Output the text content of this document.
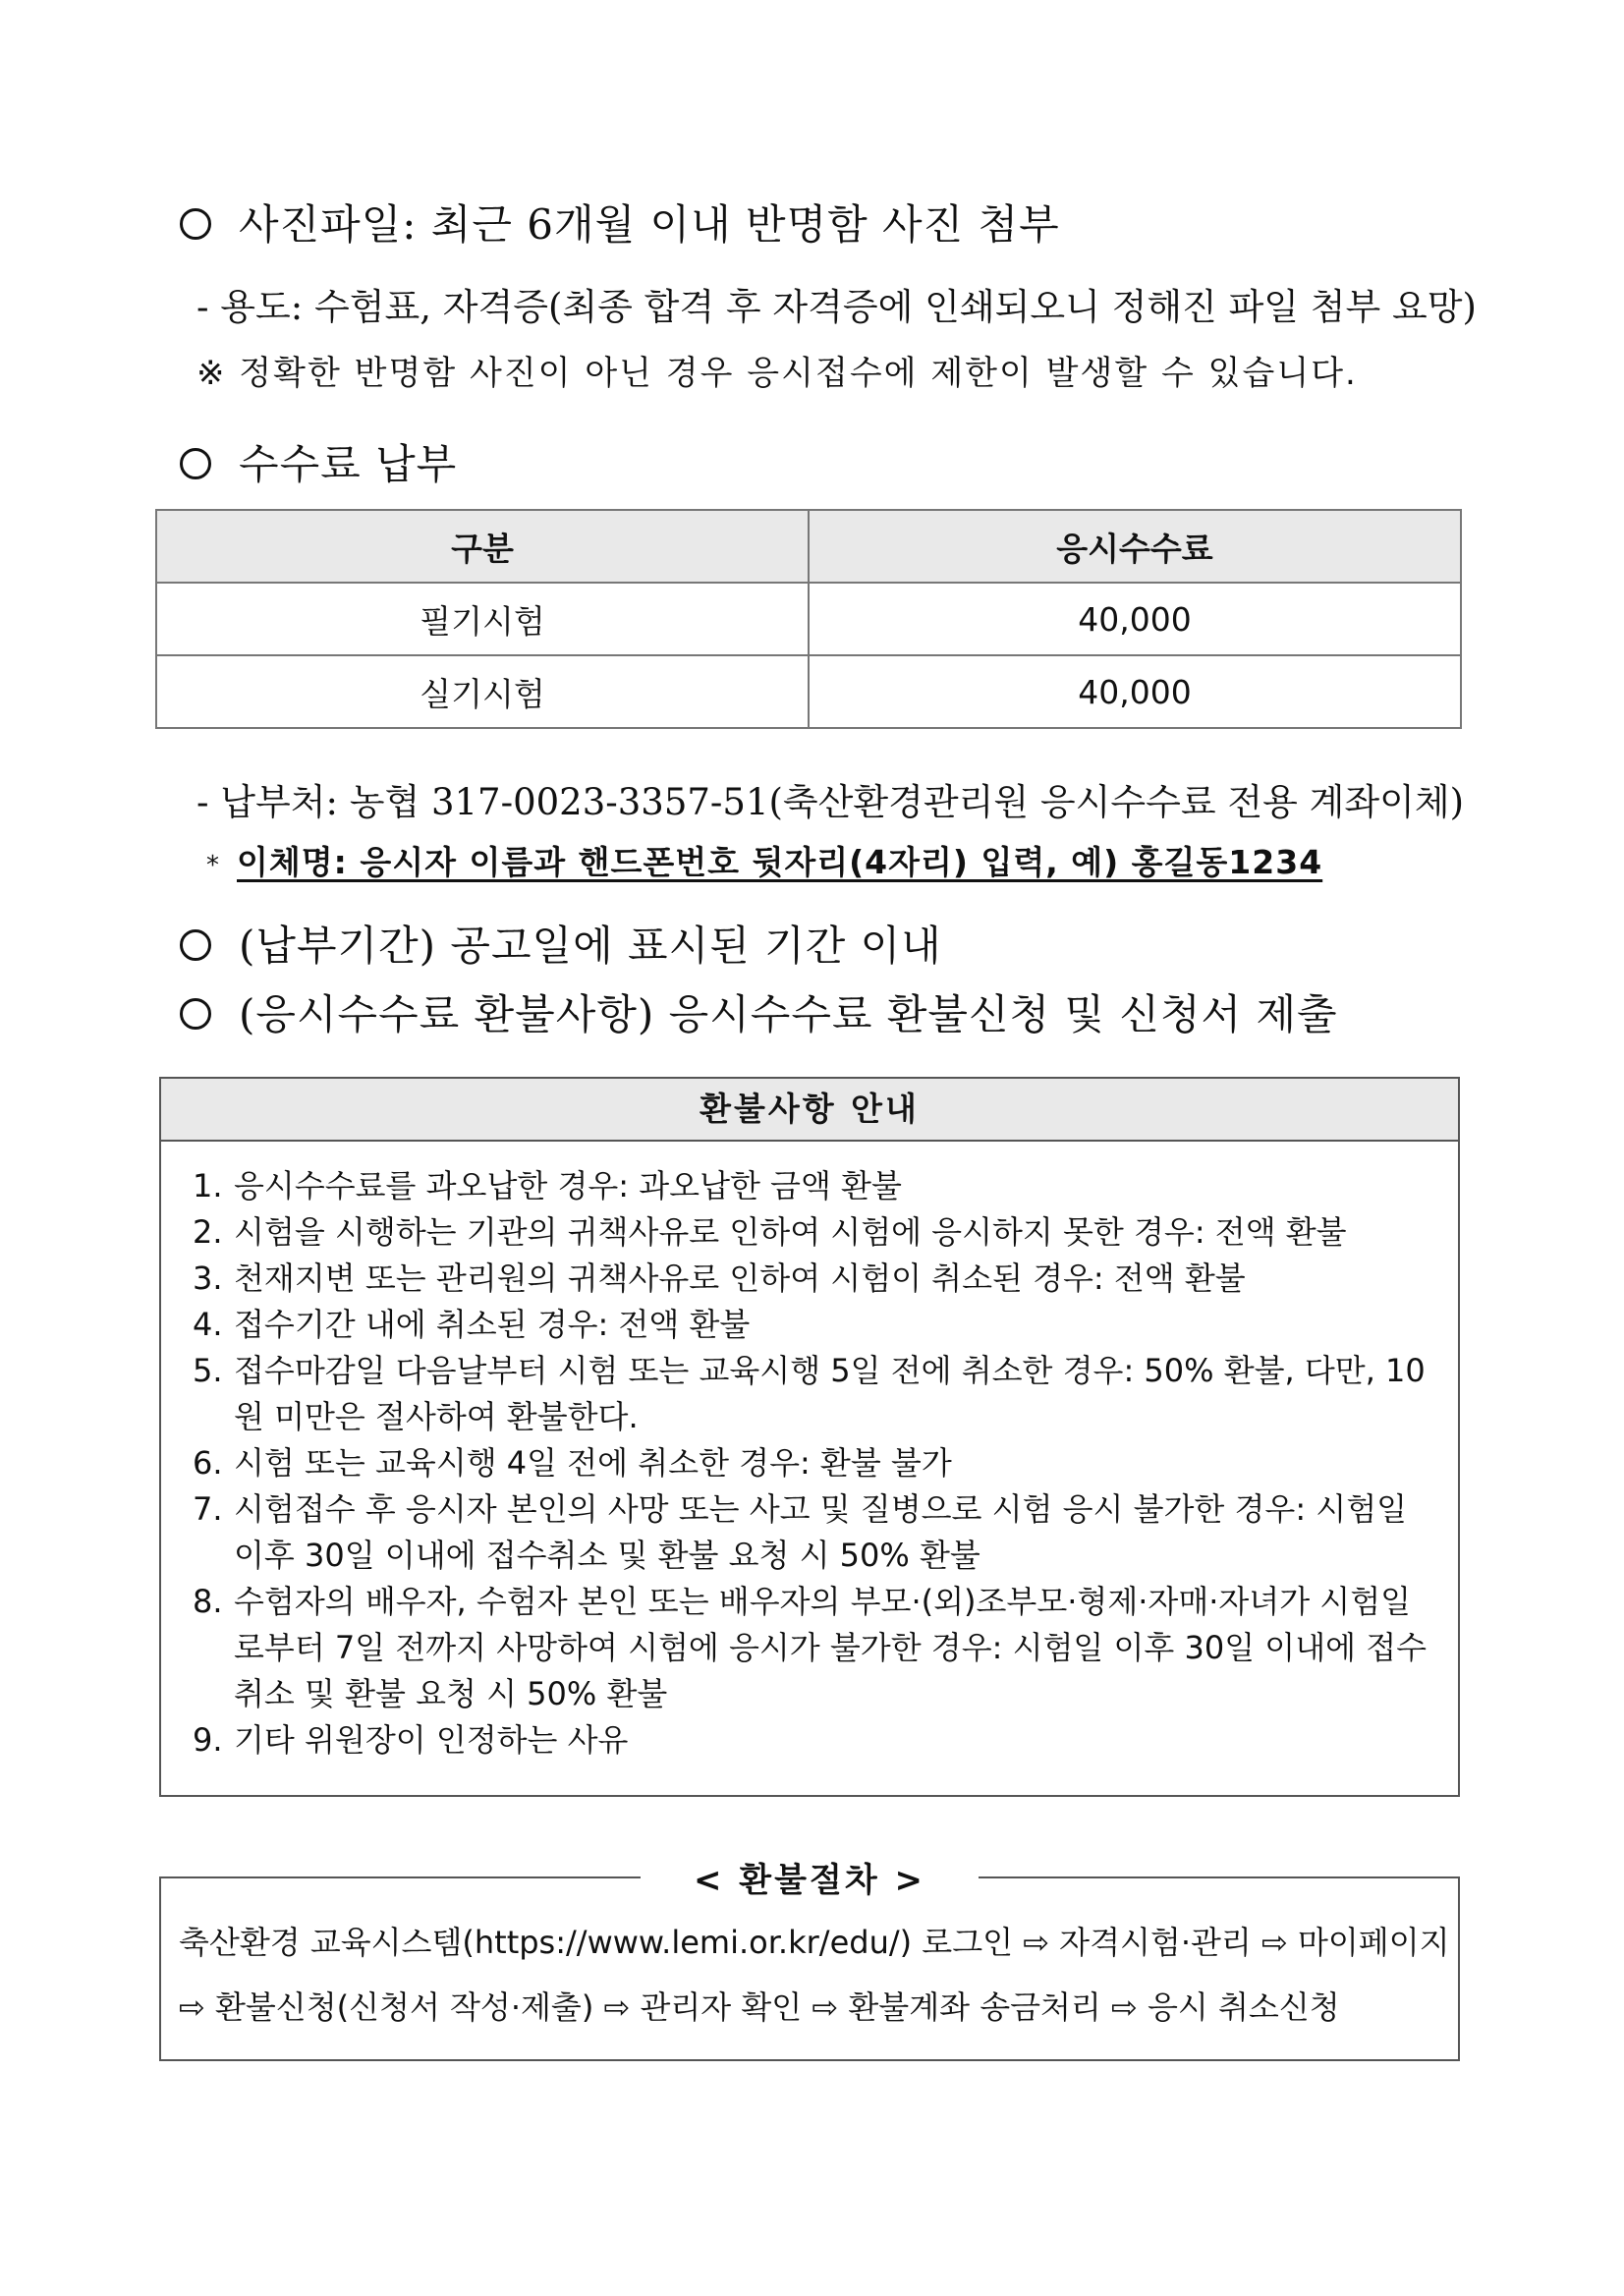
사진파일: 최근 6개월 이내 반명함 사진 첨부
- 용도: 수험표, 자격증(최종 합격 후 자격증에 인쇄되오니 정해진 파일 첨부 요망)
※ 정확한 반명함 사진이 아닌 경우 응시접수에 제한이 발생할 수 있습니다.
수수료 납부
구분	응시수수료
필기시험	40,000
실기시험	40,000
- 납부처: 농협 317-0023-3357-51(축산환경관리원 응시수수료 전용 계좌이체)
* 이체명: 응시자 이름과 핸드폰번호 뒷자리(4자리) 입력, 예) 홍길동1234
(납부기간) 공고일에 표시된 기간 이내
(응시수수료 환불사항) 응시수수료 환불신청 및 신청서 제출
환불사항 안내
1. 응시수수료를 과오납한 경우: 과오납한 금액 환불
2. 시험을 시행하는 기관의 귀책사유로 인하여 시험에 응시하지 못한 경우: 전액 환불
3. 천재지변 또는 관리원의 귀책사유로 인하여 시험이 취소된 경우: 전액 환불
4. 접수기간 내에 취소된 경우: 전액 환불
5. 접수마감일 다음날부터 시험 또는 교육시행 5일 전에 취소한 경우: 50% 환불, 다만, 10원 미만은 절사하여 환불한다.
6. 시험 또는 교육시행 4일 전에 취소한 경우: 환불 불가
7. 시험접수 후 응시자 본인의 사망 또는 사고 및 질병으로 시험 응시 불가한 경우: 시험일 이후 30일 이내에 접수취소 및 환불 요청 시 50% 환불
8. 수험자의 배우자, 수험자 본인 또는 배우자의 부모·(외)조부모·형제·자매·자녀가 시험일로부터 7일 전까지 사망하여 시험에 응시가 불가한 경우: 시험일 이후 30일 이내에 접수취소 및 환불 요청 시 50% 환불
9. 기타 위원장이 인정하는 사유
< 환불절차 >
축산환경 교육시스템(https://www.lemi.or.kr/edu/) 로그인 ⇨ 자격시험·관리 ⇨ 마이페이지
⇨ 환불신청(신청서 작성·제출) ⇨ 관리자 확인 ⇨ 환불계좌 송금처리 ⇨ 응시 취소신청
